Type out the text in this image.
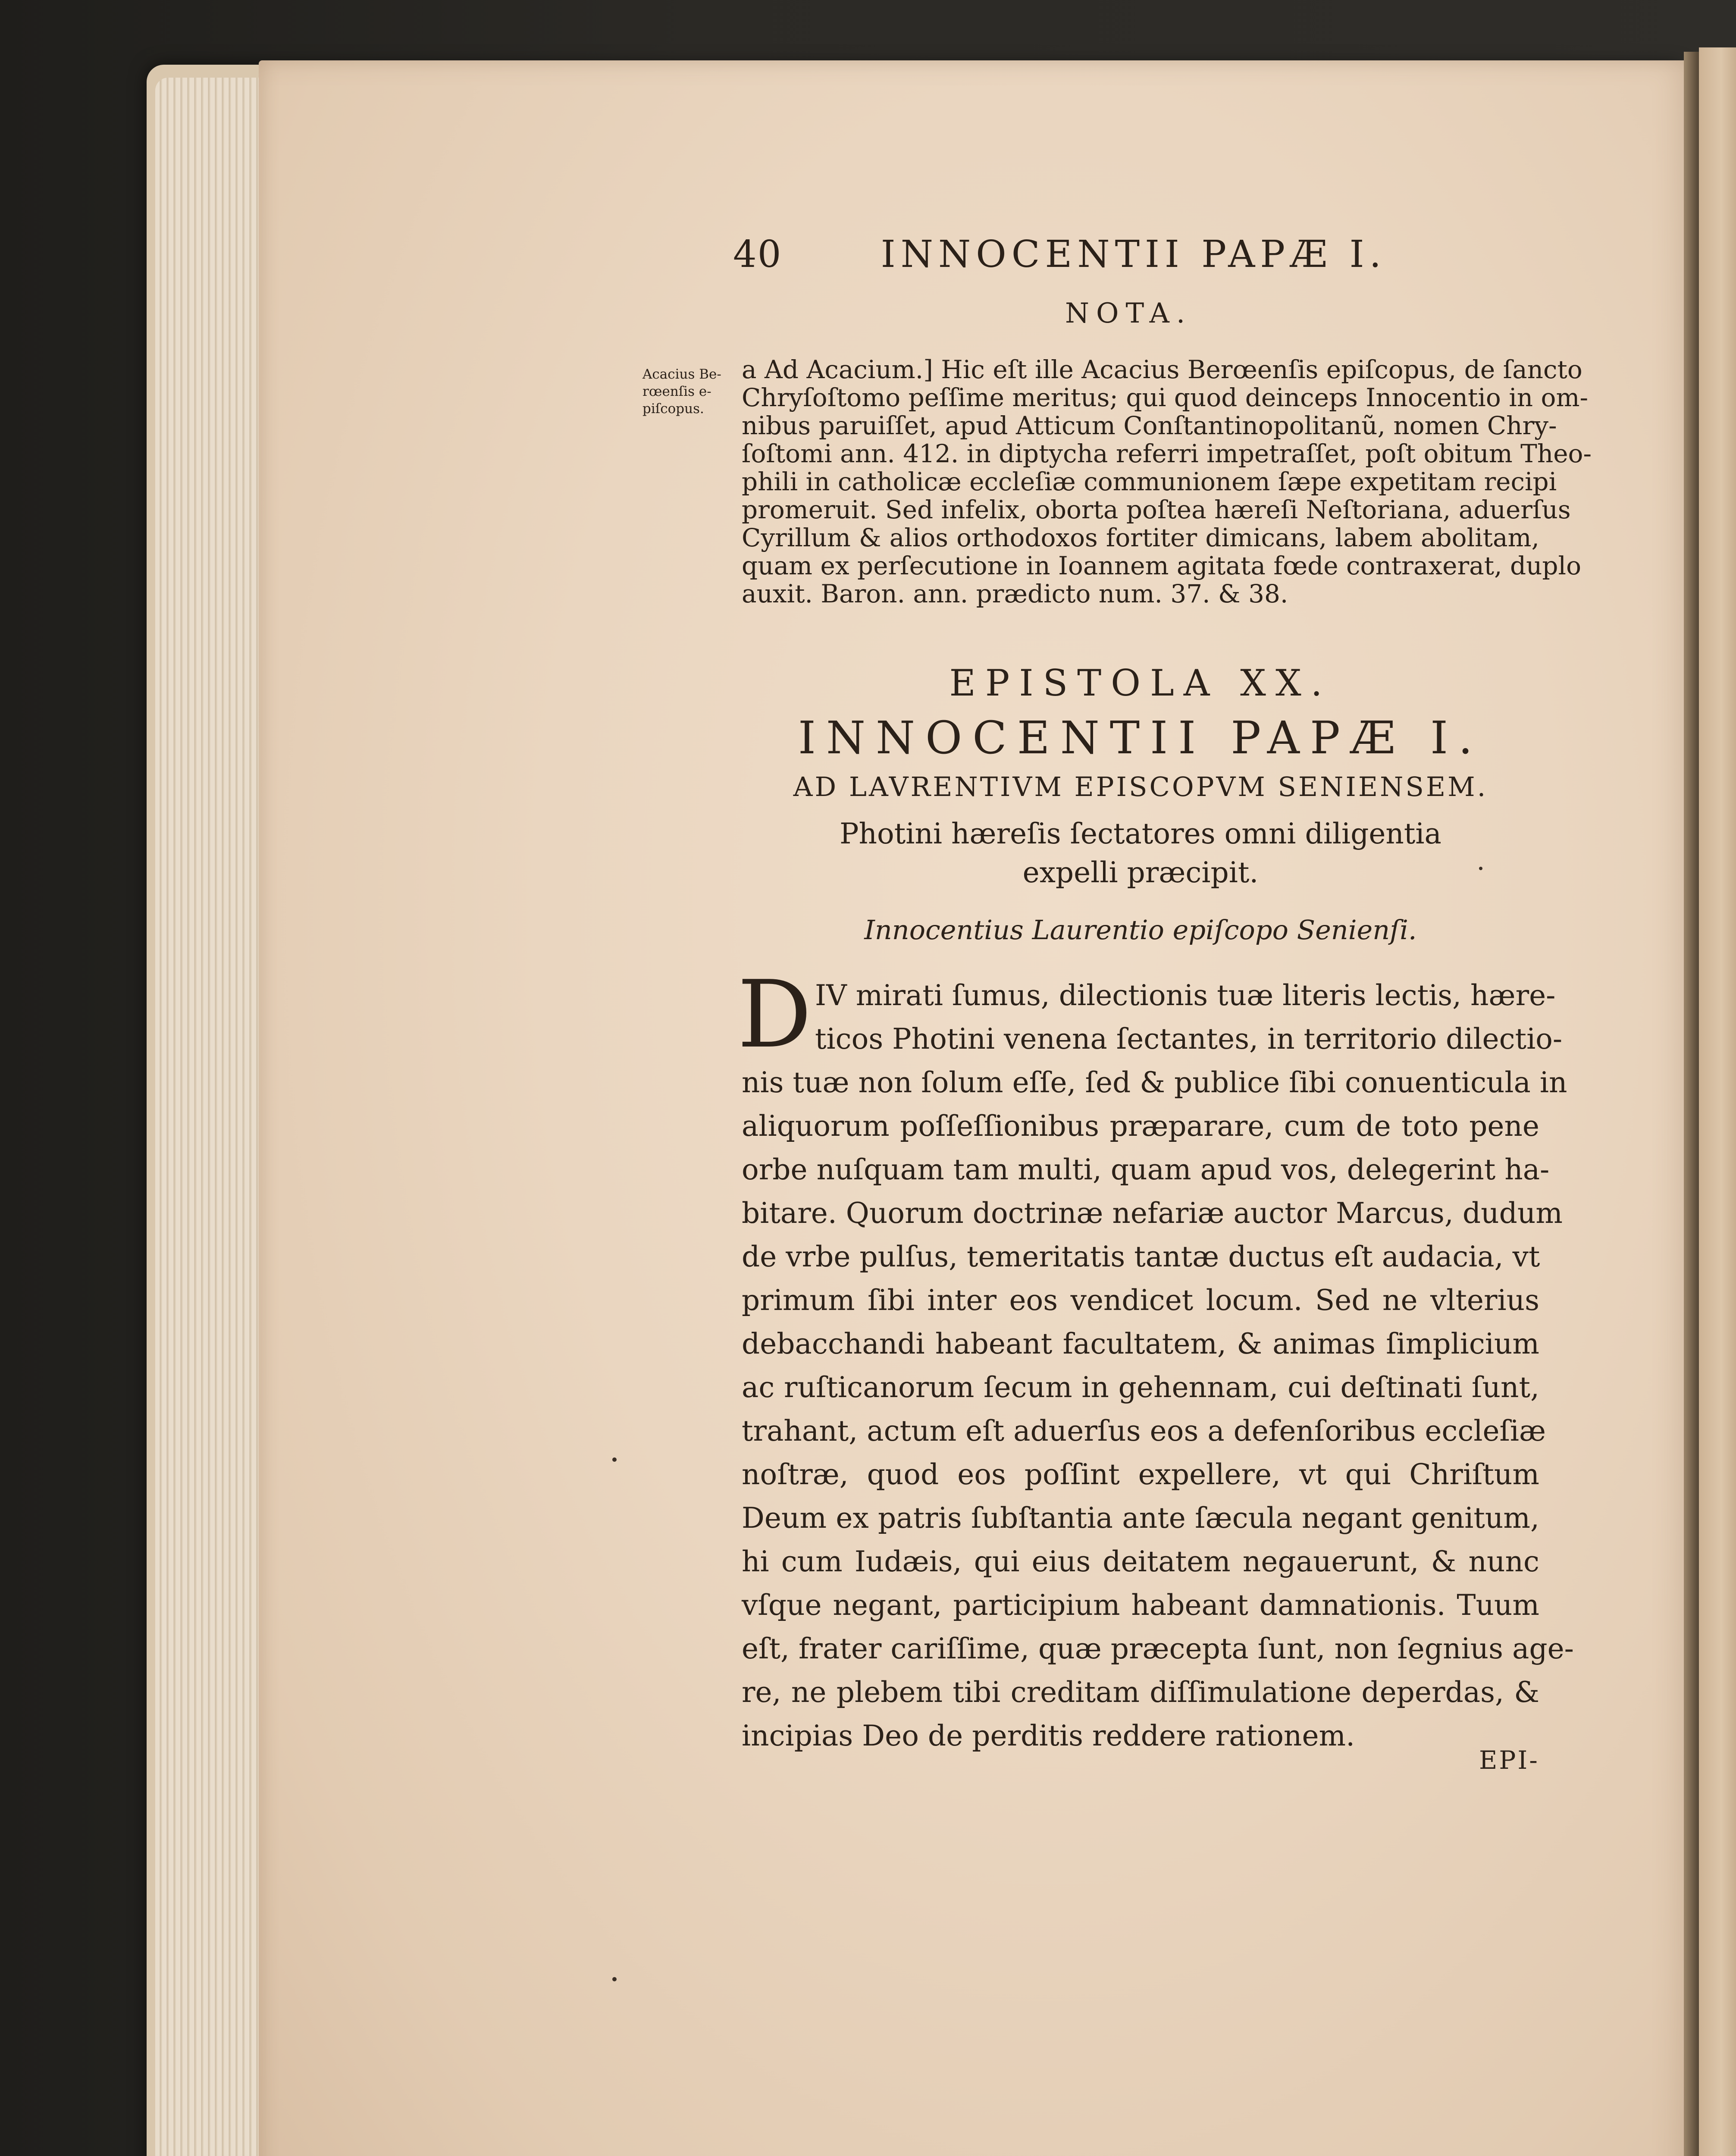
40	INNOCENTII PAPÆ I.
NOTA.
Acacius Be-
rœenſis e-
piſcopus.
a Ad Acacium.] Hic eſt ille Acacius Berœenſis epiſcopus, de ſancto
Chryſoſtomo peſſime meritus; qui quod deinceps Innocentio in om-
nibus paruiſſet, apud Atticum Conſtantinopolitanũ, nomen Chry-
ſoſtomi ann. 412. in diptycha referri impetraſſet, poſt obitum Theo-
phili in catholicæ eccleſiæ communionem ſæpe expetitam recipi
promeruit. Sed infelix, oborta poſtea hæreſi Neſtoriana, aduerſus
Cyrillum & alios orthodoxos fortiter dimicans, labem abolitam,
quam ex perſecutione in Ioannem agitata fœde contraxerat, duplo
auxit. Baron. ann. prædicto num. 37. & 38.
EPISTOLA XX.
INNOCENTII PAPÆ I.
AD LAVRENTIVM EPISCOPVM SENIENSEM.
Photini hæreſis ſectatores omni diligentia
expelli præcipit.
Innocentius Laurentio epiſcopo Senienſi.
D IV mirati ſumus, dilectionis tuæ literis lectis, hære-
ticos Photini venena ſectantes, in territorio dilectio-
nis tuæ non ſolum eſſe, ſed & publice ſibi conuenticula in
aliquorum poſſeſſionibus præparare, cum de toto pene
orbe nuſquam tam multi, quam apud vos, delegerint ha-
bitare. Quorum doctrinæ nefariæ auctor Marcus, dudum
de vrbe pulſus, temeritatis tantæ ductus eſt audacia, vt
primum ſibi inter eos vendicet locum. Sed ne vlterius
debacchandi habeant facultatem, & animas ſimplicium
ac ruſticanorum ſecum in gehennam, cui deſtinati ſunt,
trahant, actum eſt aduerſus eos a defenſoribus eccleſiæ
noſtræ, quod eos poſſint expellere, vt qui Chriſtum
Deum ex patris ſubſtantia ante ſæcula negant genitum,
hi cum Iudæis, qui eius deitatem negauerunt, & nunc
vſque negant, participium habeant damnationis. Tuum
eſt, frater cariſſime, quæ præcepta ſunt, non ſegnius age-
re, ne plebem tibi creditam diſſimulatione deperdas, &
incipias Deo de perditis reddere rationem.
EPI-
